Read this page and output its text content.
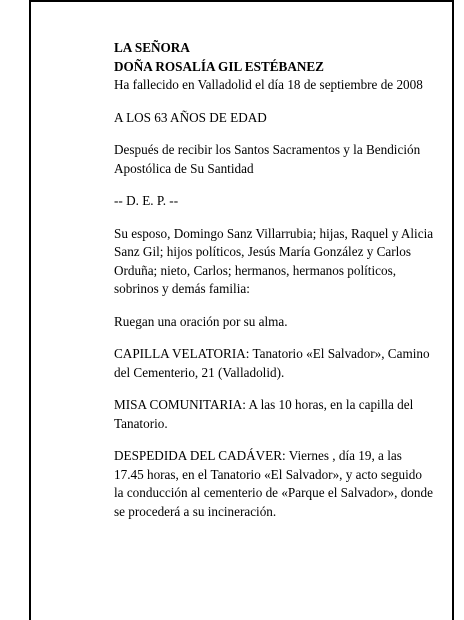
LA SEÑORA
DOÑA ROSALÍA GIL ESTÉBANEZ
Ha fallecido en Valladolid el día 18 de septiembre de 2008

A LOS 63 AÑOS DE EDAD

Después de recibir los Santos Sacramentos y la Bendición Apostólica de Su Santidad

-- D. E. P. --

Su esposo, Domingo Sanz Villarrubia; hijas, Raquel y Alicia Sanz Gil; hijos políticos, Jesús María González y Carlos Orduña; nieto, Carlos; hermanos, hermanos políticos, sobrinos y demás familia:

Ruegan una oración por su alma.

CAPILLA VELATORIA: Tanatorio «El Salvador», Camino del Cementerio, 21 (Valladolid).

MISA COMUNITARIA: A las 10 horas, en la capilla del Tanatorio.

DESPEDIDA DEL CADÁVER: Viernes , día 19, a las 17.45 horas, en el Tanatorio «El Salvador», y acto seguido la conducción al cementerio de «Parque el Salvador», donde se procederá a su incineración.
